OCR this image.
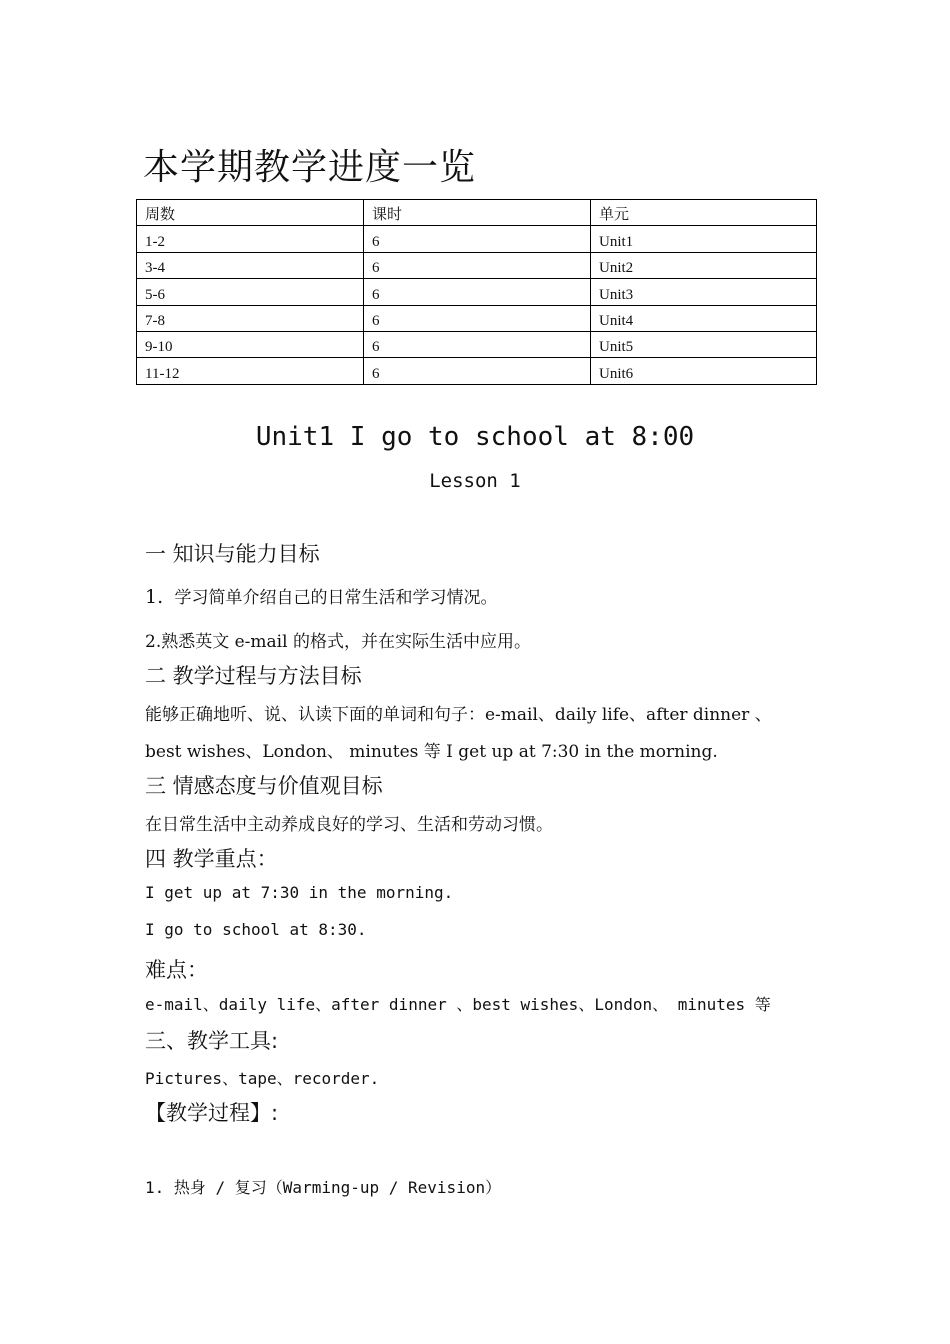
本学期教学进度一览
周数	课时	单元
1-2	6	Unit1
3-4	6	Unit2
5-6	6	Unit3
7-8	6	Unit4
9-10	6	Unit5
11-12	6	Unit6
Unit1 I go to school at 8:00
Lesson 1
一 知识与能力目标
1. 学习简单介绍自己的日常生活和学习情况。
2.熟悉英文 e-mail 的格式，并在实际生活中应用。
二 教学过程与方法目标
能够正确地听、说、认读下面的单词和句子：e-mail、daily life、after dinner 、
best wishes、London、 minutes 等 I get up at 7:30 in the morning.
三 情感态度与价值观目标
在日常生活中主动养成良好的学习、生活和劳动习惯。
四 教学重点：
I get up at 7:30 in the morning.
I go to school at 8:30.
难点：
e-mail、daily life、after dinner 、best wishes、London、 minutes 等
三、教学工具:
Pictures、tape、recorder.
【教学过程】:
1. 热身 / 复习（Warming-up / Revision）
